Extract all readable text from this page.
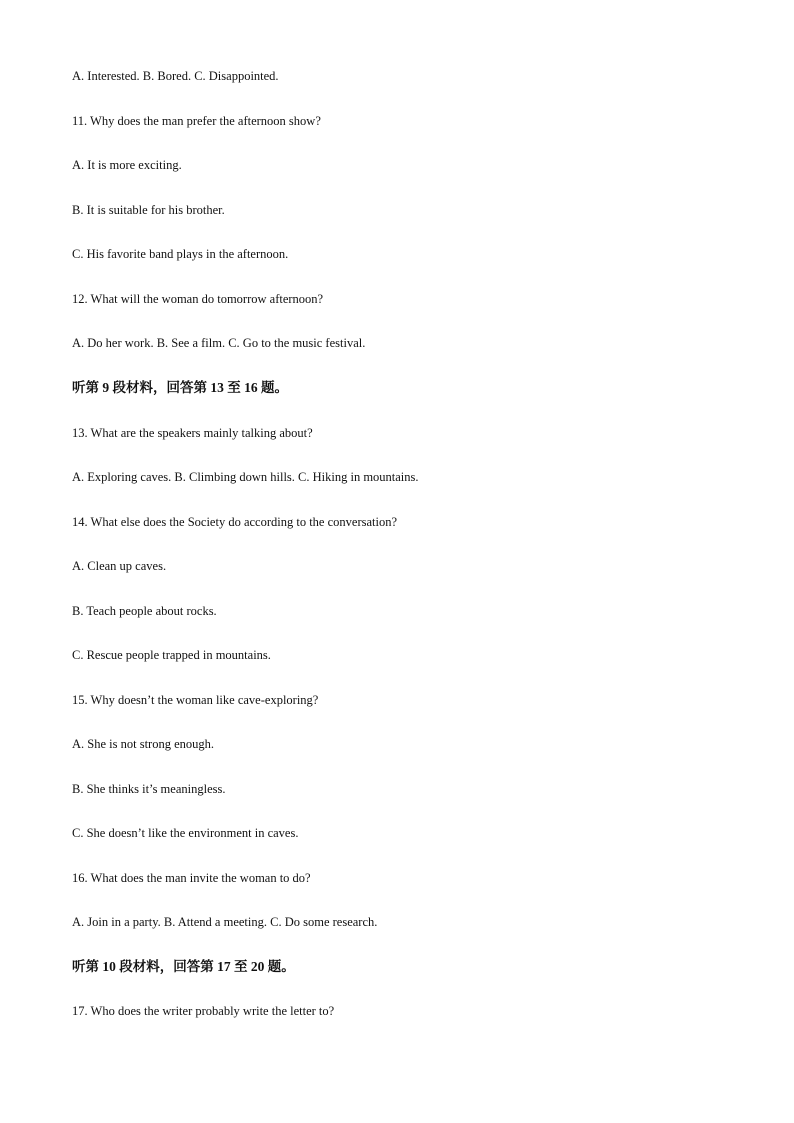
A. Interested. B. Bored. C. Disappointed.
11. Why does the man prefer the afternoon show?
A. It is more exciting.
B. It is suitable for his brother.
C. His favorite band plays in the afternoon.
12. What will the woman do tomorrow afternoon?
A. Do her work. B. See a film. C. Go to the music festival.
听第 9 段材料，回答第 13 至 16 题。
13. What are the speakers mainly talking about?
A. Exploring caves. B. Climbing down hills. C. Hiking in mountains.
14. What else does the Society do according to the conversation?
A. Clean up caves.
B. Teach people about rocks.
C. Rescue people trapped in mountains.
15. Why doesn’t the woman like cave-exploring?
A. She is not strong enough.
B. She thinks it’s meaningless.
C. She doesn’t like the environment in caves.
16. What does the man invite the woman to do?
A. Join in a party. B. Attend a meeting. C. Do some research.
听第 10 段材料，回答第 17 至 20 题。
17. Who does the writer probably write the letter to?
